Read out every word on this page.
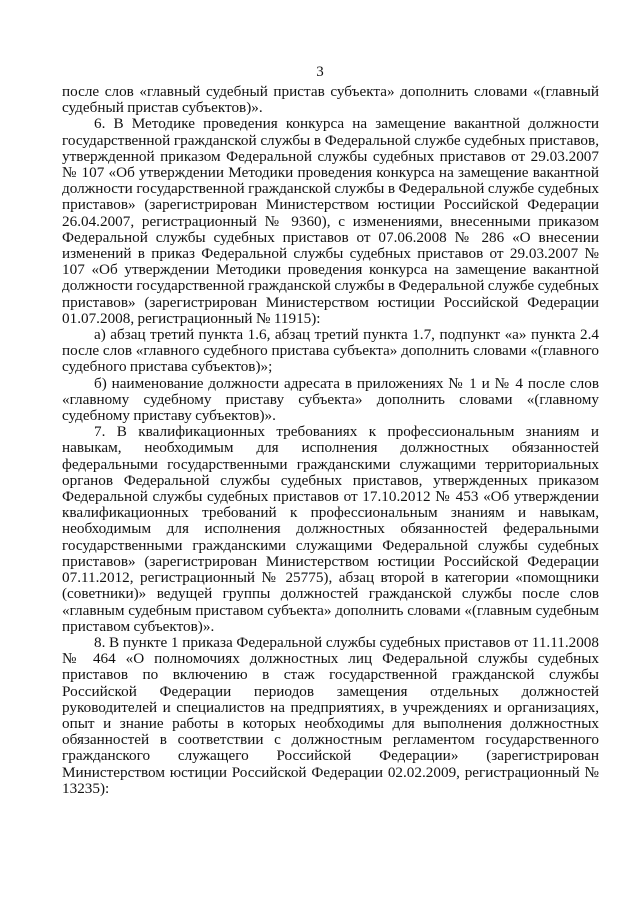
3

после слов «главный судебный пристав субъекта» дополнить словами «(главный судебный пристав субъектов)».

6. В Методике проведения конкурса на замещение вакантной должности государственной гражданской службы в Федеральной службе судебных приставов, утвержденной приказом Федеральной службы судебных приставов от 29.03.2007 № 107 «Об утверждении Методики проведения конкурса на замещение вакантной должности государственной гражданской службы в Федеральной службе судебных приставов» (зарегистрирован Министерством юстиции Российской Федерации 26.04.2007, регистрационный № 9360), с изменениями, внесенными приказом Федеральной службы судебных приставов от 07.06.2008 № 286 «О внесении изменений в приказ Федеральной службы судебных приставов от 29.03.2007 № 107 «Об утверждении Методики проведения конкурса на замещение вакантной должности государственной гражданской службы в Федеральной службе судебных приставов» (зарегистрирован Министерством юстиции Российской Федерации 01.07.2008, регистрационный № 11915):

а) абзац третий пункта 1.6, абзац третий пункта 1.7, подпункт «а» пункта 2.4 после слов «главного судебного пристава субъекта» дополнить словами «(главного судебного пристава субъектов)»;

б) наименование должности адресата в приложениях № 1 и № 4 после слов «главному судебному приставу субъекта» дополнить словами «(главному судебному приставу субъектов)».

7. В квалификационных требованиях к профессиональным знаниям и навыкам, необходимым для исполнения должностных обязанностей федеральными государственными гражданскими служащими территориальных органов Федеральной службы судебных приставов, утвержденных приказом Федеральной службы судебных приставов от 17.10.2012 № 453 «Об утверждении квалификационных требований к профессиональным знаниям и навыкам, необходимым для исполнения должностных обязанностей федеральными государственными гражданскими служащими Федеральной службы судебных приставов» (зарегистрирован Министерством юстиции Российской Федерации 07.11.2012, регистрационный № 25775), абзац второй в категории «помощники (советники)» ведущей группы должностей гражданской службы после слов «главным судебным приставом субъекта» дополнить словами «(главным судебным приставом субъектов)».

8. В пункте 1 приказа Федеральной службы судебных приставов от 11.11.2008 № 464 «О полномочиях должностных лиц Федеральной службы судебных приставов по включению в стаж государственной гражданской службы Российской Федерации периодов замещения отдельных должностей руководителей и специалистов на предприятиях, в учреждениях и организациях, опыт и знание работы в которых необходимы для выполнения должностных обязанностей в соответствии с должностным регламентом государственного гражданского служащего Российской Федерации» (зарегистрирован Министерством юстиции Российской Федерации 02.02.2009, регистрационный № 13235):
